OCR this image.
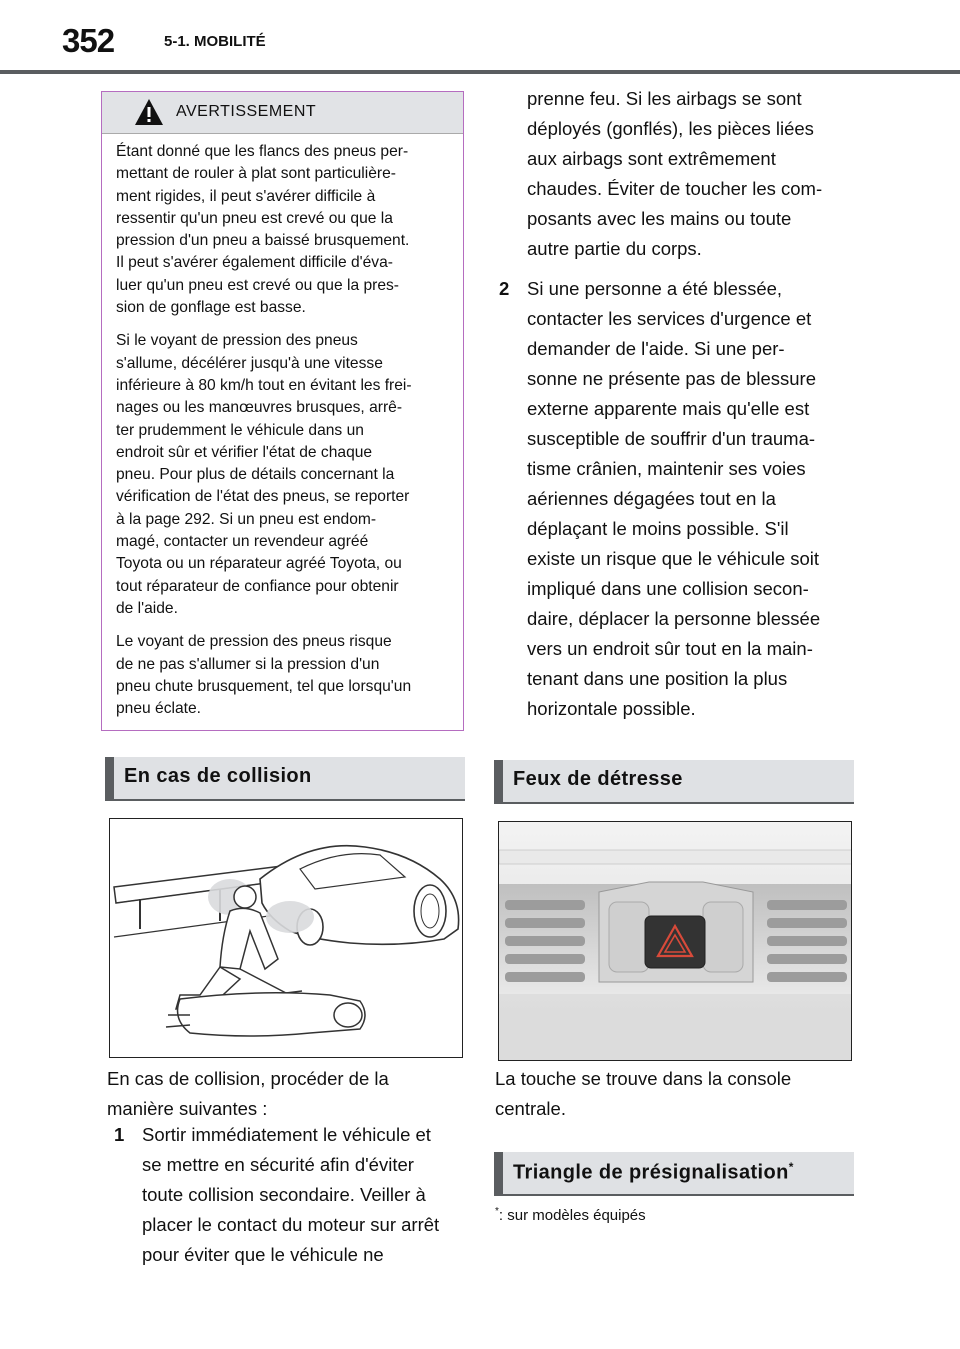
352	5-1. MOBILITÉ
AVERTISSEMENT

Étant donné que les flancs des pneus per-
mettant de rouler à plat sont particulière-
ment rigides, il peut s'avérer difficile à
ressentir qu'un pneu est crevé ou que la
pression d'un pneu a baissé brusquement.
Il peut s'avérer également difficile d'éva-
luer qu'un pneu est crevé ou que la pres-
sion de gonflage est basse.

Si le voyant de pression des pneus
s'allume, décélérer jusqu'à une vitesse
inférieure à 80 km/h tout en évitant les frei-
nages ou les manœuvres brusques, arrê-
ter prudemment le véhicule dans un
endroit sûr et vérifier l'état de chaque
pneu. Pour plus de détails concernant la
vérification de l'état des pneus, se reporter
à la page 292. Si un pneu est endom-
magé, contacter un revendeur agréé
Toyota ou un réparateur agréé Toyota, ou
tout réparateur de confiance pour obtenir
de l'aide.

Le voyant de pression des pneus risque
de ne pas s'allumer si la pression d'un
pneu chute brusquement, tel que lorsqu'un
pneu éclate.

En cas de collision
En cas de collision, procéder de la
manière suivantes :
1 Sortir immédiatement le véhicule et
se mettre en sécurité afin d'éviter
toute collision secondaire. Veiller à
placer le contact du moteur sur arrêt
pour éviter que le véhicule ne
prenne feu. Si les airbags se sont
déployés (gonflés), les pièces liées
aux airbags sont extrêmement
chaudes. Éviter de toucher les com-
posants avec les mains ou toute
autre partie du corps.
2 Si une personne a été blessée,
contacter les services d'urgence et
demander de l'aide. Si une per-
sonne ne présente pas de blessure
externe apparente mais qu'elle est
susceptible de souffrir d'un trauma-
tisme crânien, maintenir ses voies
aériennes dégagées tout en la
déplaçant le moins possible. S'il
existe un risque que le véhicule soit
impliqué dans une collision secon-
daire, déplacer la personne blessée
vers un endroit sûr tout en la main-
tenant dans une position la plus
horizontale possible.
Feux de détresse
La touche se trouve dans la console
centrale.
Triangle de présignalisation*
*: sur modèles équipés
